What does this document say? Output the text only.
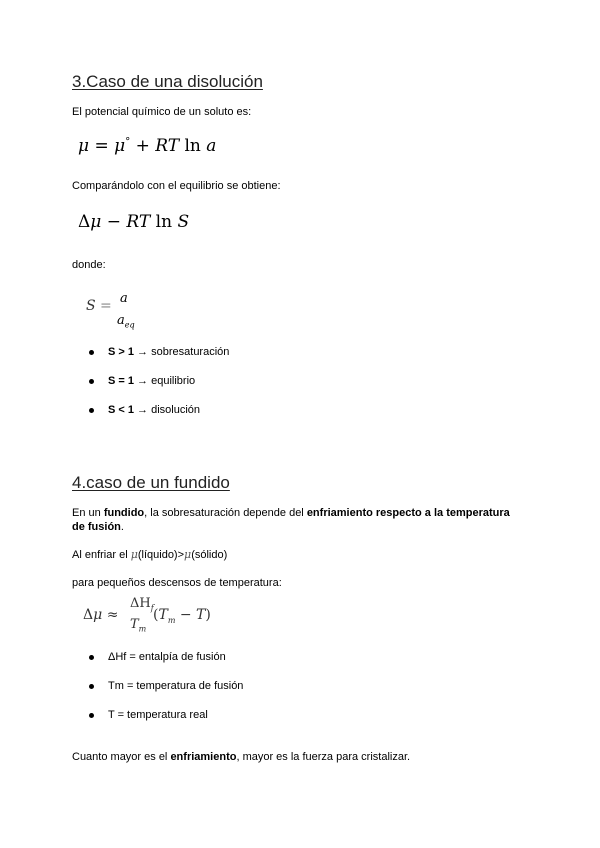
3.Caso de una disolución
El potencial químico de un soluto es:
μ = μ° + RT ln a
Comparándolo con el equilibrio se obtiene:
Δμ − RT ln S
donde:
S = a
$a_{eq}$
S > 1 → sobresaturación
S = 1 → equilibrio
S < 1 → disolución
4.caso de un fundido
En un fundido, la sobresaturación depende del enfriamiento respecto a la temperatura
de fusión.
Al enfriar el μ(líquido)>μ(sólido)
para pequeños descensos de temperatura:
Δμ ≈
$\Delta H_f$
$T_m$
$(T_m - T)$
ΔHf = entalpía de fusión
Tm = temperatura de fusión
T = temperatura real
Cuanto mayor es el enfriamiento, mayor es la fuerza para cristalizar.
